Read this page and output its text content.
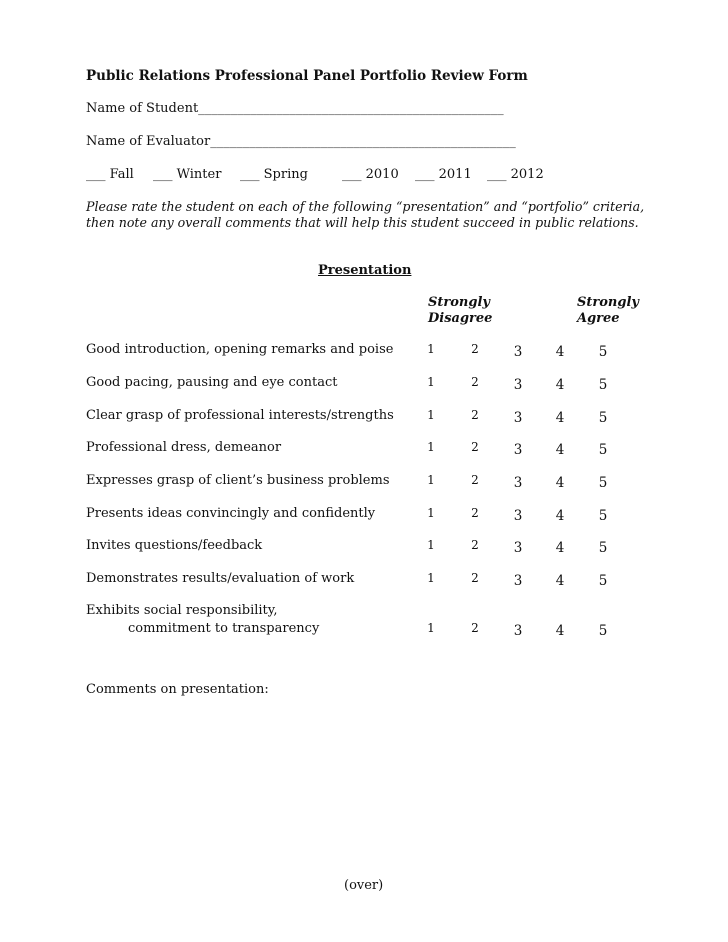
Public Relations Professional Panel Portfolio Review Form
Name of Student_______________________________________________
Name of Evaluator_______________________________________________
___ Fall ___ Winter ___ Spring	___ 2010 ___ 2011 ___ 2012
Please rate the student on each of the following “presentation” and “portfolio” criteria,
then note any overall comments that will help this student succeed in public relations.
Presentation
Strongly
Disagree
Strongly
Agree
Good introduction, opening remarks and poise	1	2	3	4	5
Good pacing, pausing and eye contact	1	2	3	4	5
Clear grasp of professional interests/strengths	1	2	3	4	5
Professional dress, demeanor	1	2	3	4	5
Expresses grasp of client’s business problems	1	2	3	4	5
Presents ideas convincingly and confidently	1	2	3	4	5
Invites questions/feedback	1	2	3	4	5
Demonstrates results/evaluation of work	1	2	3	4	5
Exhibits social responsibility,
commitment to transparency	1	2	3	4	5
Comments on presentation:
(over)
